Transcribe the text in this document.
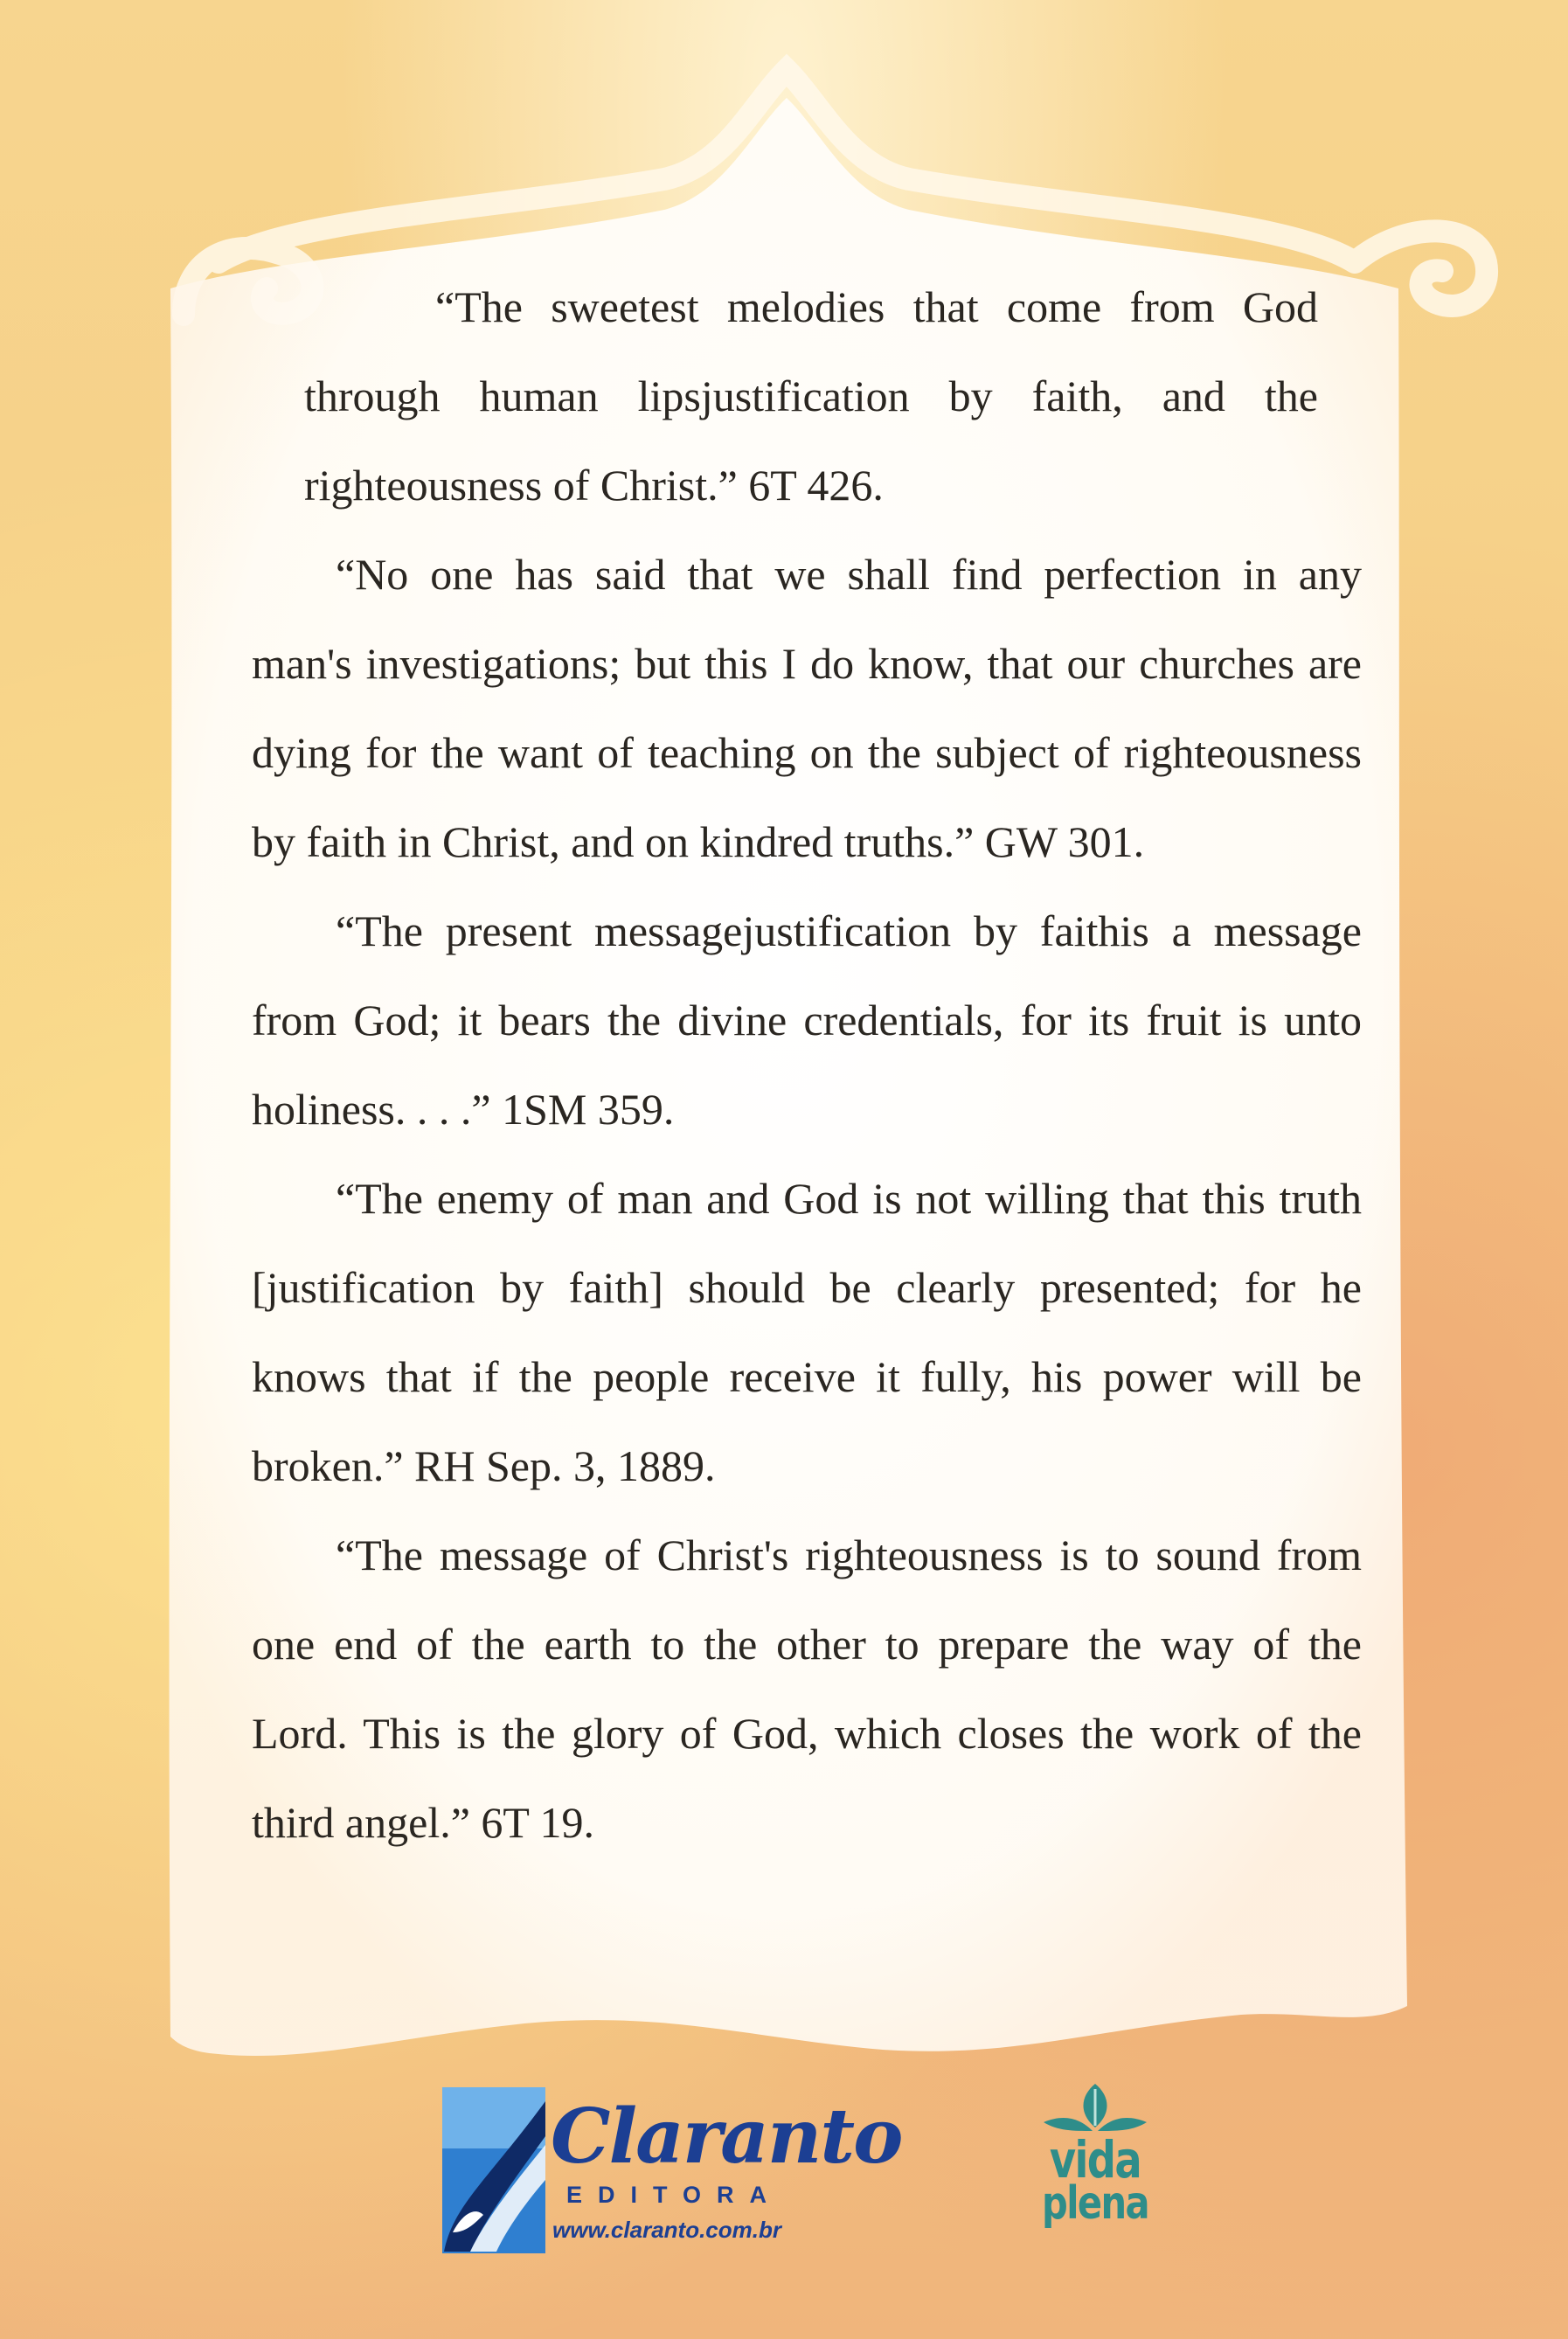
“The sweetest melodies that come from God through human lipsjustification by faith, and the righteousness of Christ.” 6T 426.

“No one has said that we shall find perfection in any man's investigations; but this I do know, that our churches are dying for the want of teaching on the subject of righteousness by faith in Christ, and on kindred truths.” GW 301.

“The present messagejustification by faithis a message from God; it bears the divine credentials, for its fruit is unto holiness. . . .” 1SM 359.

“The enemy of man and God is not willing that this truth [justification by faith] should be clearly presented; for he knows that if the people receive it fully, his power will be broken.” RH Sep. 3, 1889.

“The message of Christ's righteousness is to sound from one end of the earth to the other to prepare the way of the Lord. This is the glory of God, which closes the work of the third angel.” 6T 19.

Claranto
EDITORA
www.claranto.com.br
vida
plena
